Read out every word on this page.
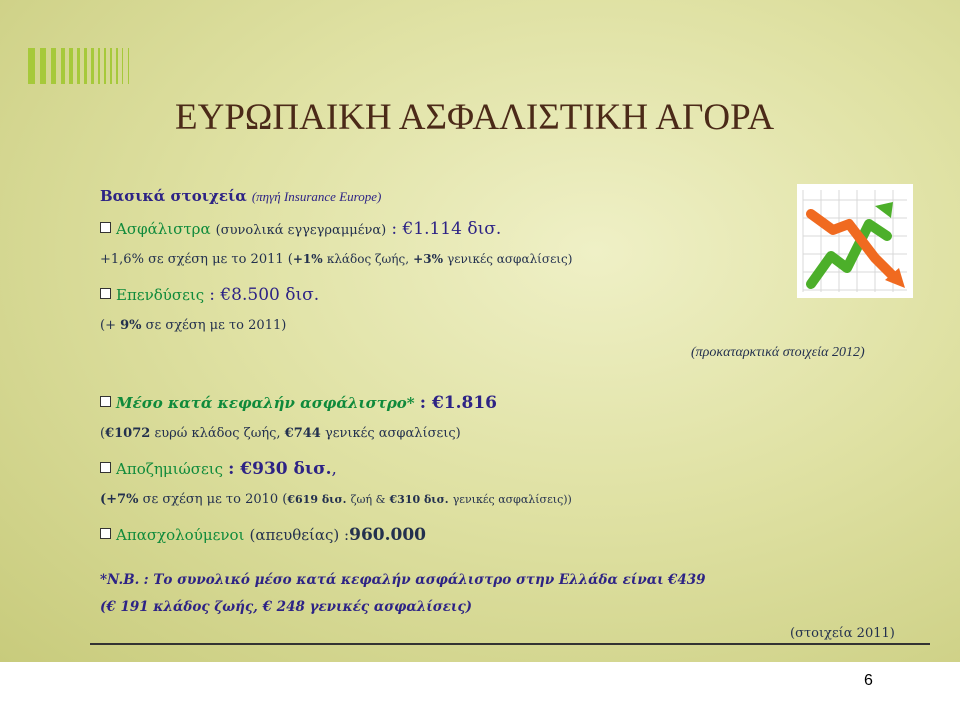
ΕΥΡΩΠΑΙΚΗ ΑΣΦΑΛΙΣΤΙΚΗ ΑΓΟΡΑ
Βασικά στοιχεία (πηγή Insurance Europe)
Ασφάλιστρα (συνολικά εγγεγραμμένα) : €1.114 δισ.
+1,6% σε σχέση με το 2011 (+1% κλάδος ζωής, +3% γενικές ασφαλίσεις)
Επενδύσεις : €8.500 δισ.
(+ 9% σε σχέση με το 2011)
(προκαταρκτικά στοιχεία 2012)
Μέσο κατά κεφαλήν ασφάλιστρο* : €1.816
(€1072 ευρώ κλάδος ζωής, €744 γενικές ασφαλίσεις)
Αποζημιώσεις : €930 δισ.,
(+7% σε σχέση με το 2010 (€619 δισ. ζωή & €310 δισ. γενικές ασφαλίσεις))
Απασχολούμενοι (απευθείας) :960.000
*N.B. : Το συνολικό μέσο κατά κεφαλήν ασφάλιστρο στην Ελλάδα είναι €439
(€ 191 κλάδος ζωής, € 248 γενικές ασφαλίσεις)
(στοιχεία 2011)
6
